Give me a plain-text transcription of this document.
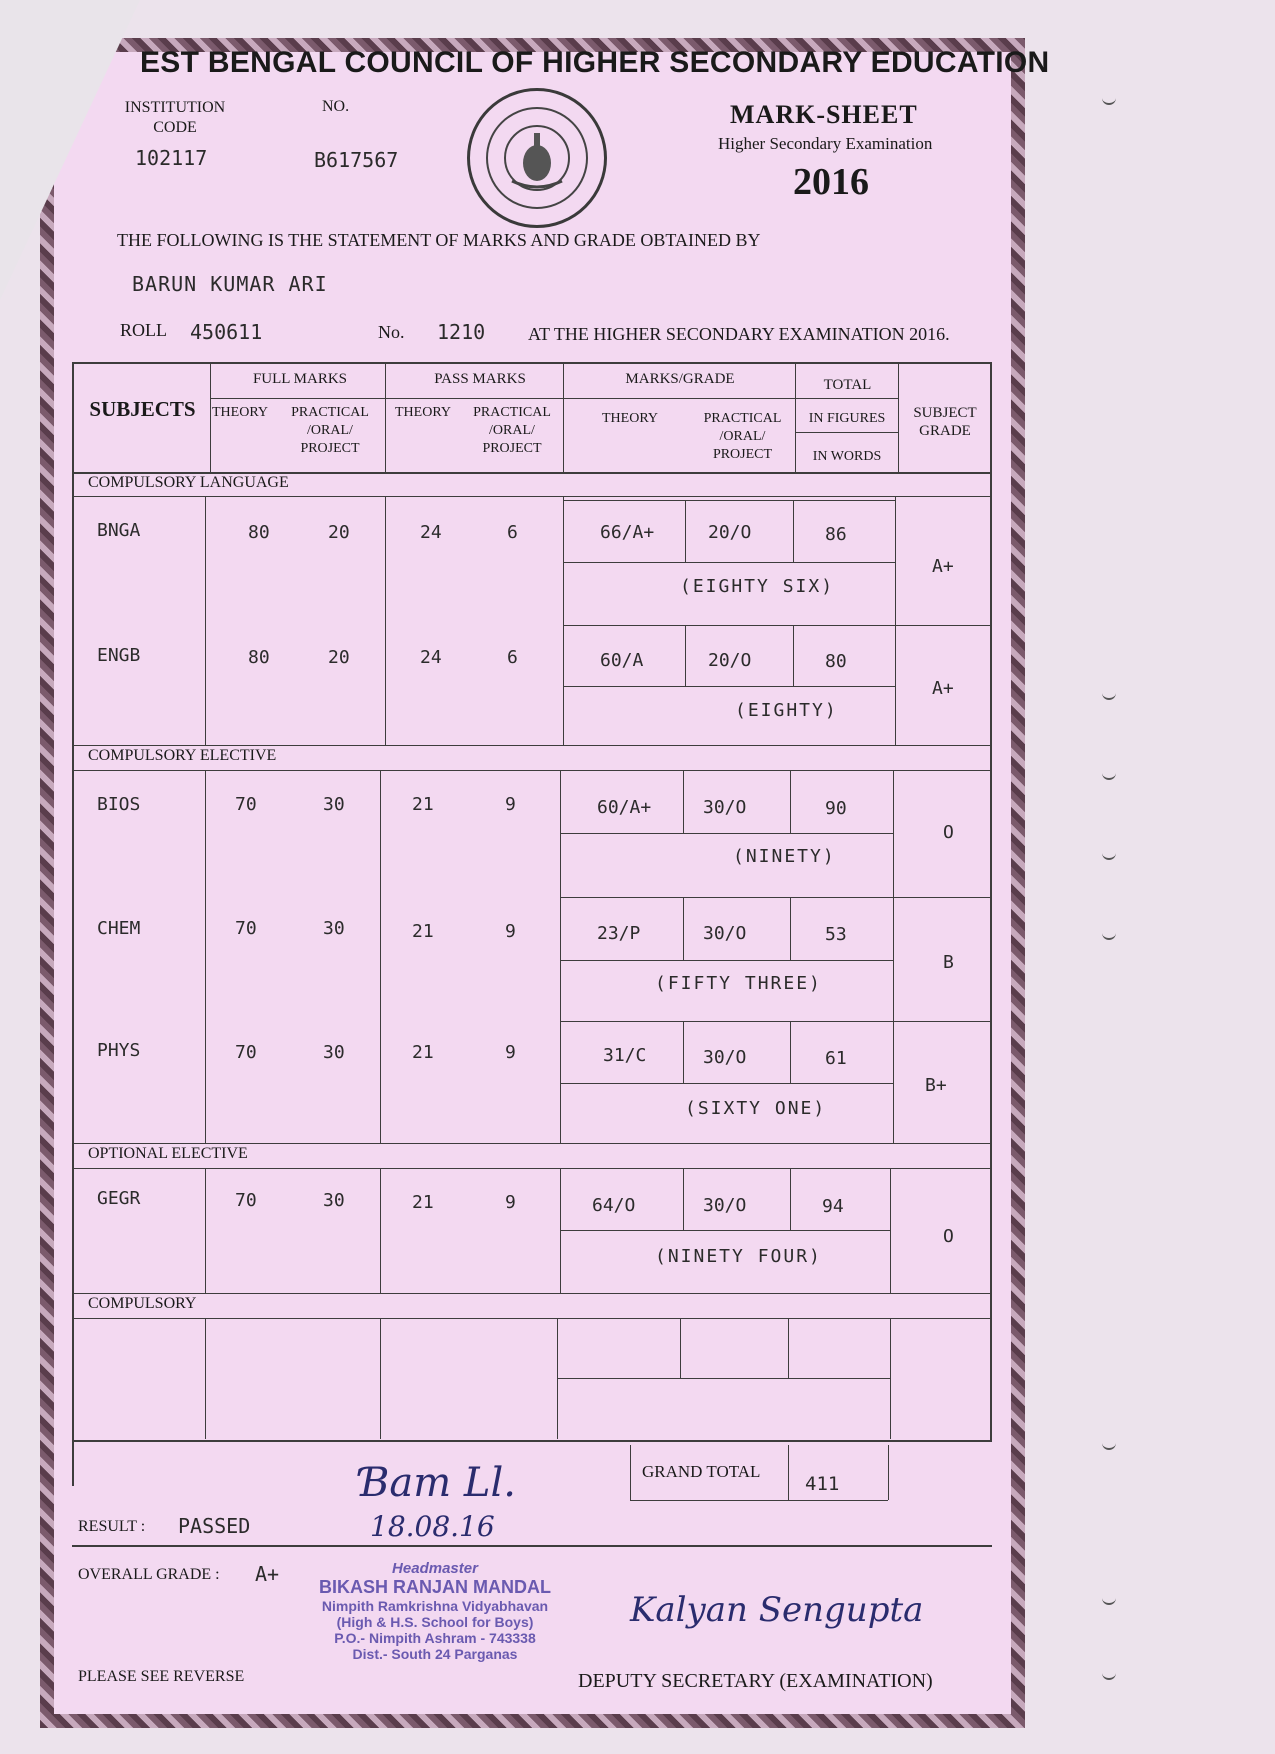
EST BENGAL COUNCIL OF HIGHER SECONDARY EDUCATION
INSTITUTION CODE
102117
NO.
B617567
MARK-SHEET
Higher Secondary Examination
2016
THE FOLLOWING IS THE STATEMENT OF MARKS AND GRADE OBTAINED BY
BARUN KUMAR ARI
ROLL 450611	No. 1210 AT THE HIGHER SECONDARY EXAMINATION 2016.
SUBJECTS
FULL MARKS	PASS MARKS	MARKS/GRADE	TOTAL
SUBJECT GRADE
THEORY	PRACTICAL /ORAL/ PROJECT
THEORY	PRACTICAL /ORAL/ PROJECT
THEORY	PRACTICAL /ORAL/ PROJECT
IN FIGURES
IN WORDS
COMPULSORY LANGUAGE
COMPULSORY ELECTIVE
OPTIONAL ELECTIVE
COMPULSORY
BNGA	80	20	24	6	66/A+	20/O	86
(EIGHTY SIX)
A+
ENGB	80	20	24	6	60/A	20/O	80
(EIGHTY)
A+
BIOS	70	30	21	9	60/A+	30/O	90
(NINETY)
O
CHEM	70	30	21	9	23/P	30/O	53
(FIFTY THREE)
B
PHYS	70	30	21	9	31/C	30/O	61
(SIXTY ONE)
B+
GEGR	70	30	21	9	64/O	30/O	94
(NINETY FOUR)
O
GRAND TOTAL
411
Ɓam Ll.
18.08.16
RESULT : PASSED
OVERALL GRADE : A+	Headmaster
BIKASH RANJAN MANDAL
Nimpith Ramkrishna Vidyabhavan
(High & H.S. School for Boys)
P.O.- Nimpith Ashram - 743338
Dist.- South 24 Parganas
Kalyan Sengupta
PLEASE SEE REVERSE	DEPUTY SECRETARY (EXAMINATION)
